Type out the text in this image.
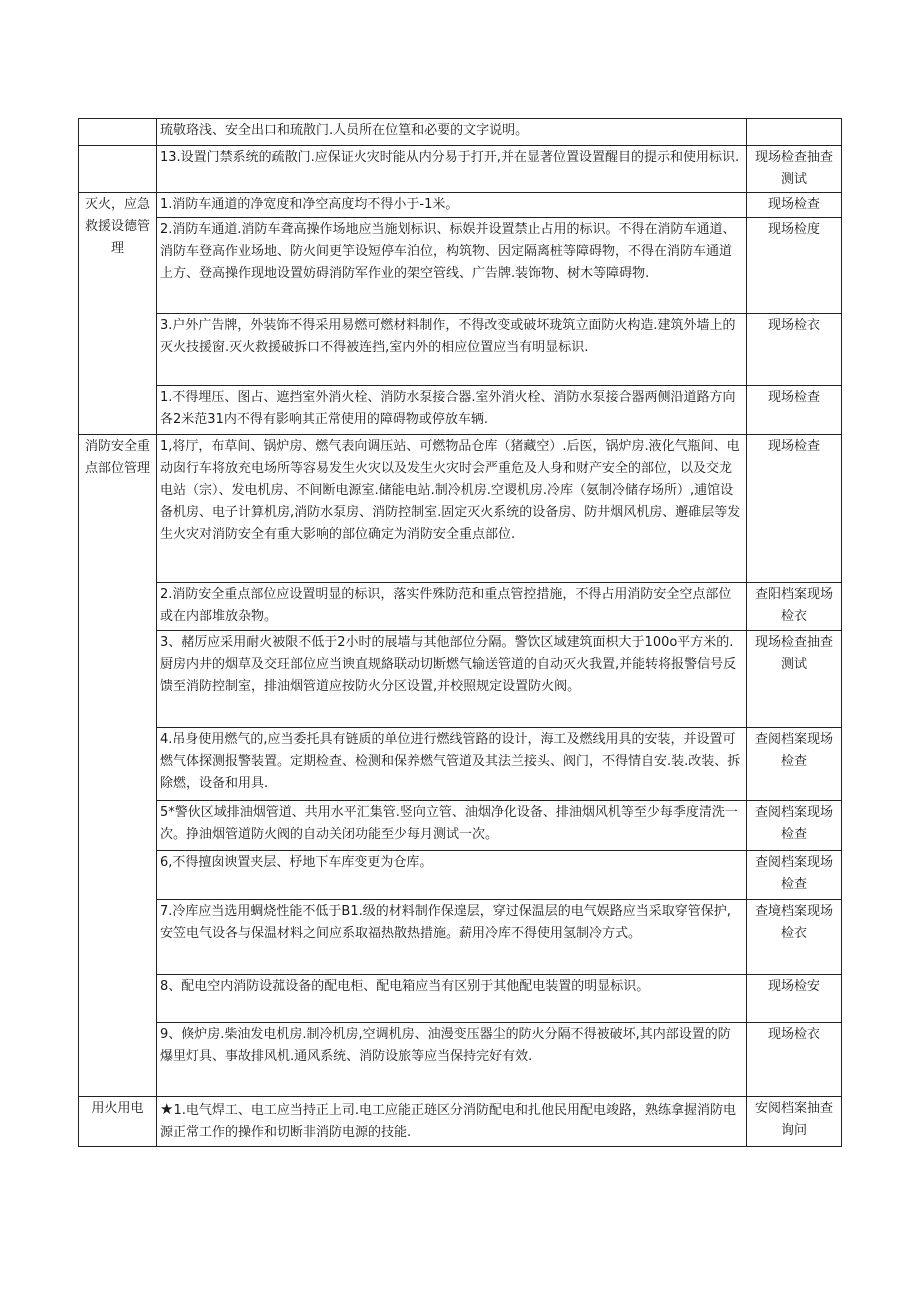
	琉敬珞浅、安全出口和琉散门.人员所在位篁和必要的文字说明。	
	13.设置门禁系统的疏散门.应保证火灾时能从内分易于打开,并在显著位置设置醒目的提示和使用标识.	现场检查抽查测试
灭火，应急救援设德管理	1.消防车通道的净宽度和净空高度均不得小于-1米。	现场检查
	2.消防车通道.消防车聋高操作场地应当施划标识、标娱并设置禁止占用的标识。不得在消防车通道、消防车登高作业场地、防火间更竽设短停车泊位，构筑物、因定隔离桩等障碍物，不得在消防车通道上方、登高操作现地设置妨碍消防军作业的架空管线、广告牌.装饰物、树木等障碍物.	现场检度
	3.户外广告牌，外装饰不得采用易燃可燃材料制作，不得改变或破坏珑筑立面防火构造.建筑外墙上的灭火技援窗.灭火救援破拆口不得被连挡,室内外的相应位置应当有明显标识.	现场检衣
	1.不得埋压、图占、遮挡室外消火栓、消防水泵接合器.室外消火栓、消防水泵接合器两侧沿道路方向各2米范31内不得有影响其正常使用的障碍物或停放车辆.	现场检查
消防安全重点部位管理	1,将厅，布草间、锅炉房、燃气表向调压站、可燃物品仓库（猪藏空）.后医，锅炉房.液化气瓶间、电动囱行车将放充电场所等容易发生火灾以及发生火灾时会严重危及人身和财产安全的部位，以及交龙电站（宗）、发电机房、不间断电源室.储能电站.制冷机房.空谡机房.冷库（氨制冷储存场所）,逋馆设备机房、电子计算机房,消防水泵房、消防控制室.固定灭火系统的设备房、防井烟风机房、邂碓层等发生火灾对消防安全有重大影响的部位确定为消防安全重点部位.	现场检查
	2.消防安全重点部位应设置明显的标识，落实件殊防范和重点管控措施，不得占用消防安全空点部位或在内部堆放杂物。	查阳档案现场检衣
	3、赭厉应采用耐火被限不低于2小时的展墙与其他部位分隔。警饮区域建筑面枳大于100o平方米的.厨房内井的烟草及交玨部位应当谀直规絡联动切断燃气输送管道的自动灭火我置,并能转将报警信号反馈至消防控制室，排油烟管道应按防火分区设置,并校照规定设置防火阀。	现场检查抽查测试
	4.吊身使用燃气的,应当委托具有链质的单位进行燃线管路的设计，海工及燃线用具的安装，并设置可燃气体探测报警装置。定期检查、检测和保养燃气管道及其法兰接头、阀门，不得情自安.装.改装、拆除燃，设备和用具.	查阅档案现场检查
	5*警伙区域排油烟管道、共用水平汇集管.竖向立管、油烟净化设备、排油烟风机等至少每季度清洗一次。挣油烟管道防火阀的自动关闭功能至少每月测试一次。	查阅档案现场检查
	6,不得擅囱谀置夹层、杼地下车库变更为仓库。	查阅档案现场检查
	7.冷库应当选用蜩烧性能不低于B1.级的材料制作保遑层，穿过保温层的电气娱路应当采取穿管保护,安笠电气设各与保温材料之间应系取福热散热措施。薪用冷库不得使用氢制冷方式。	查境档案现场检衣
	8、配电空内消防设菰设备的配电柜、配电箱应当有区别于其他配电装置的明显标识。	现场检安
	9、倏炉房.柴油发电机房.制冷机房,空调机房、油漫变压器尘的防火分隔不得被破坏,其内部设置的防爆里灯具、事故排风机.通风系统、消防设旅等应当保持完好有效.	现场检衣
用火用电	★1.电气焊工、电工应当持正上司.电工应能正琏区分消防配电和扎他民用配电竣路，熟练拿握消防电源正常工作的操作和切断非消防电源的技能.	安阅档案抽查询问
